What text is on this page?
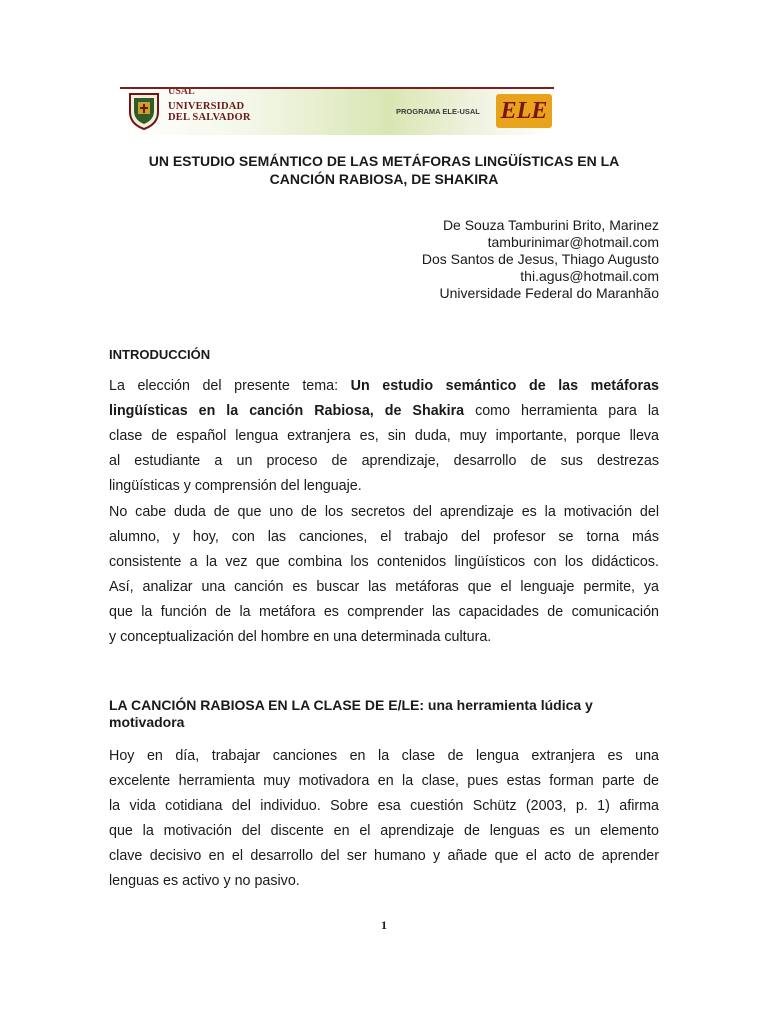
USAL
UNIVERSIDAD
DEL SALVADOR
PROGRAMA ELE-USAL ELE
UN ESTUDIO SEMÁNTICO DE LAS METÁFORAS LINGÜÍSTICAS EN LA
CANCIÓN RABIOSA, DE SHAKIRA
De Souza Tamburini Brito, Marinez
tamburinimar@hotmail.com
Dos Santos de Jesus, Thiago Augusto
thi.agus@hotmail.com
Universidade Federal do Maranhão
INTRODUCCIÓN
La elección del presente tema: Un estudio semántico de las metáforas
lingüísticas en la canción Rabiosa, de Shakira como herramienta para la
clase de español lengua extranjera es, sin duda, muy importante, porque lleva
al estudiante a un proceso de aprendizaje, desarrollo de sus destrezas
lingüísticas y comprensión del lenguaje.
No cabe duda de que uno de los secretos del aprendizaje es la motivación del
alumno, y hoy, con las canciones, el trabajo del profesor se torna más
consistente a la vez que combina los contenidos lingüísticos con los didácticos.
Así, analizar una canción es buscar las metáforas que el lenguaje permite, ya
que la función de la metáfora es comprender las capacidades de comunicación
y conceptualización del hombre en una determinada cultura.
LA CANCIÓN RABIOSA EN LA CLASE DE E/LE: una herramienta lúdica y
motivadora
Hoy en día, trabajar canciones en la clase de lengua extranjera es una
excelente herramienta muy motivadora en la clase, pues estas forman parte de
la vida cotidiana del individuo. Sobre esa cuestión Schütz (2003, p. 1) afirma
que la motivación del discente en el aprendizaje de lenguas es un elemento
clave decisivo en el desarrollo del ser humano y añade que el acto de aprender
lenguas es activo y no pasivo.
1
